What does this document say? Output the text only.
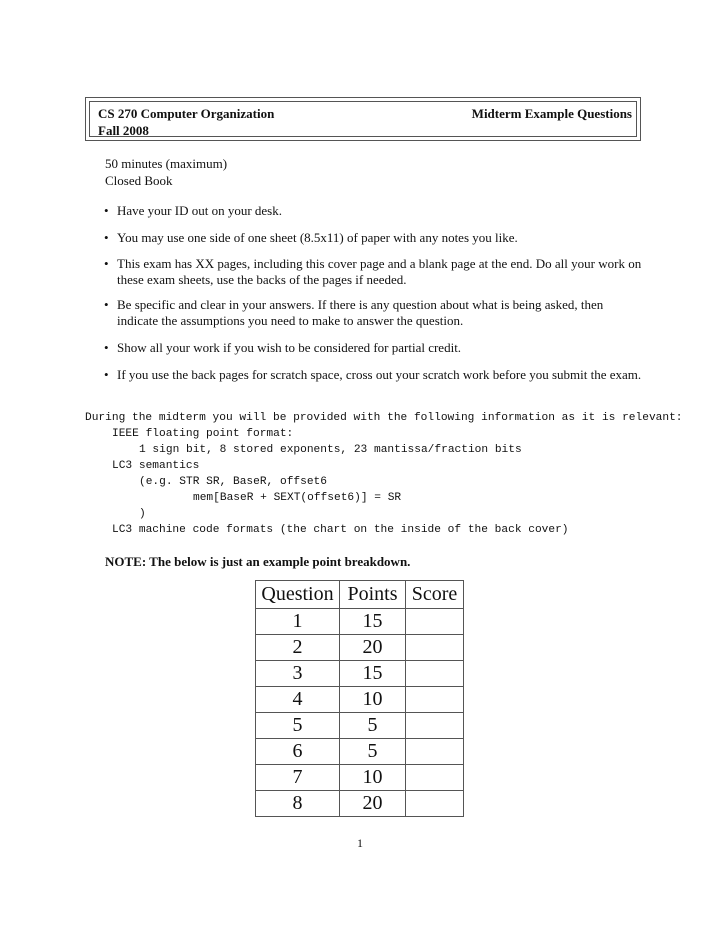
CS 270 Computer Organization	Midterm Example Questions
Fall 2008
50 minutes (maximum)
Closed Book
• Have your ID out on your desk.
• You may use one side of one sheet (8.5x11) of paper with any notes you like.
• This exam has XX pages, including this cover page and a blank page at the end. Do all your work on these exam sheets, use the backs of the pages if needed.
• Be specific and clear in your answers. If there is any question about what is being asked, then indicate the assumptions you need to make to answer the question.
• Show all your work if you wish to be considered for partial credit.
• If you use the back pages for scratch space, cross out your scratch work before you submit the exam.
During the midterm you will be provided with the following information as it is relevant:
IEEE floating point format:
1 sign bit, 8 stored exponents, 23 mantissa/fraction bits
LC3 semantics
(e.g. STR SR, BaseR, offset6
mem[BaseR + SEXT(offset6)] = SR
)
LC3 machine code formats (the chart on the inside of the back cover)
NOTE: The below is just an example point breakdown.
Question	Points	Score
1	15	
2	20	
3	15	
4	10	
5	5	
6	5	
7	10	
8	20	
1
